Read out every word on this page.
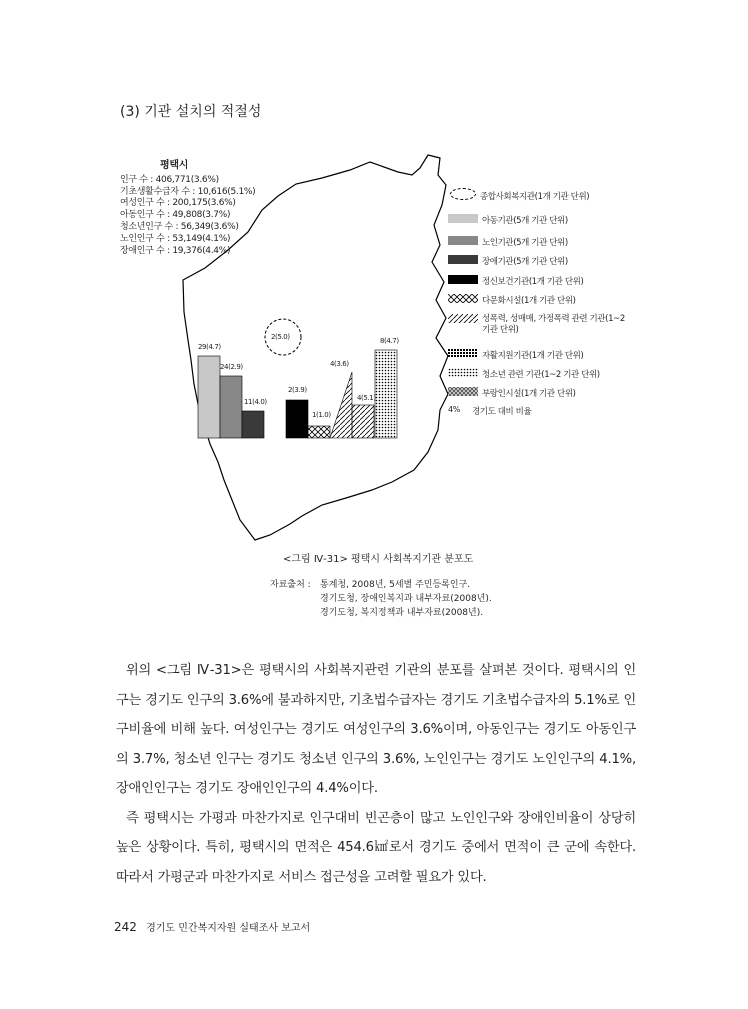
(3) 기관 설치의 적절성
2(5.0)
29(4.7)
24(2.9)
11(4.0)
2(3.9)
1(1.0)
4(3.6)
4(5.1)
8(4.7)
평택시
인구 수 : 406,771(3.6%)
기초생활수급자 수 : 10,616(5.1%)
여성인구 수 : 200,175(3.6%)
아동인구 수 : 49,808(3.7%)
청소년인구 수 : 56,349(3.6%)
노인인구 수 : 53,149(4.1%)
장애인구 수 : 19,376(4.4%)
종합사회복지관(1개 기관 단위)
아동기관(5개 기관 단위)
노인기관(5개 기관 단위)
장애기관(5개 기관 단위)
정신보건기관(1개 기관 단위)
다문화시설(1개 기관 단위)
성폭력, 성매매, 가정폭력 관련 기관(1~2 기관 단위)
자활지원기관(1개 기관 단위)
청소년 관련 기관(1~2 기관 단위)
부랑인시설(1개 기관 단위)
4%	경기도 대비 비율
<그림 Ⅳ-31> 평택시 사회복지기관 분포도
자료출처 :	통계청, 2008년, 5세별 주민등록인구.
경기도청, 장애인복지과 내부자료(2008년).
경기도청, 복지정책과 내부자료(2008년).

위의 <그림 Ⅳ-31>은 평택시의 사회복지관련 기관의 분포를 살펴본 것이다. 평택시의 인구는 경기도 인구의 3.6%에 불과하지만, 기초법수급자는 경기도 기초법수급자의 5.1%로 인구비율에 비해 높다. 여성인구는 경기도 여성인구의 3.6%이며, 아동인구는 경기도 아동인구의 3.7%, 청소년 인구는 경기도 청소년 인구의 3.6%, 노인인구는 경기도 노인인구의 4.1%, 장애인인구는 경기도 장애인인구의 4.4%이다.

즉 평택시는 가평과 마찬가지로 인구대비 빈곤층이 많고 노인인구와 장애인비율이 상당히 높은 상황이다. 특히, 평택시의 면적은 454.6㎢로서 경기도 중에서 면적이 큰 군에 속한다. 따라서 가평군과 마찬가지로 서비스 접근성을 고려할 필요가 있다.

242 경기도 민간복지자원 실태조사 보고서
